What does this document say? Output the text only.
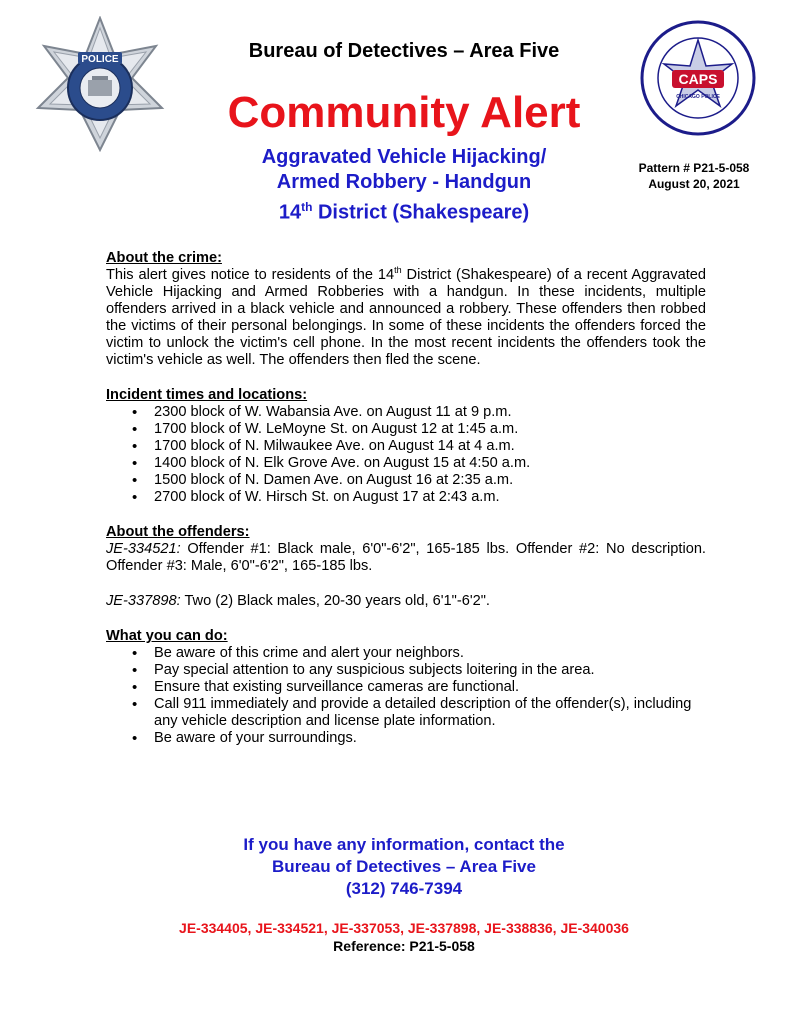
POLICE
CAPS
CHICAGO POLICE
Bureau of Detectives – Area Five
Community Alert
Aggravated Vehicle Hijacking/
Armed Robbery - Handgun
14th District (Shakespeare)
Pattern # P21-5-058
August 20, 2021
About the crime:
This alert gives notice to residents of the 14th District (Shakespeare) of a recent Aggravated Vehicle Hijacking and Armed Robberies with a handgun. In these incidents, multiple offenders arrived in a black vehicle and announced a robbery. These offenders then robbed the victims of their personal belongings. In some of these incidents the offenders forced the victim to unlock the victim's cell phone. In the most recent incidents the offenders took the victim's vehicle as well. The offenders then fled the scene.
Incident times and locations:
• 2300 block of W. Wabansia Ave. on August 11 at 9 p.m.
• 1700 block of W. LeMoyne St. on August 12 at 1:45 a.m.
• 1700 block of N. Milwaukee Ave. on August 14 at 4 a.m.
• 1400 block of N. Elk Grove Ave. on August 15 at 4:50 a.m.
• 1500 block of N. Damen Ave. on August 16 at 2:35 a.m.
• 2700 block of W. Hirsch St. on August 17 at 2:43 a.m.
About the offenders:
JE-334521: Offender #1: Black male, 6'0"-6'2", 165-185 lbs. Offender #2: No description. Offender #3: Male, 6'0"-6'2", 165-185 lbs.
JE-337898: Two (2) Black males, 20-30 years old, 6'1"-6'2".
What you can do:
• Be aware of this crime and alert your neighbors.
• Pay special attention to any suspicious subjects loitering in the area.
• Ensure that existing surveillance cameras are functional.
• Call 911 immediately and provide a detailed description of the offender(s), including any vehicle description and license plate information.
• Be aware of your surroundings.
If you have any information, contact the
Bureau of Detectives – Area Five
(312) 746-7394
JE-334405, JE-334521, JE-337053, JE-337898, JE-338836, JE-340036
Reference: P21-5-058
